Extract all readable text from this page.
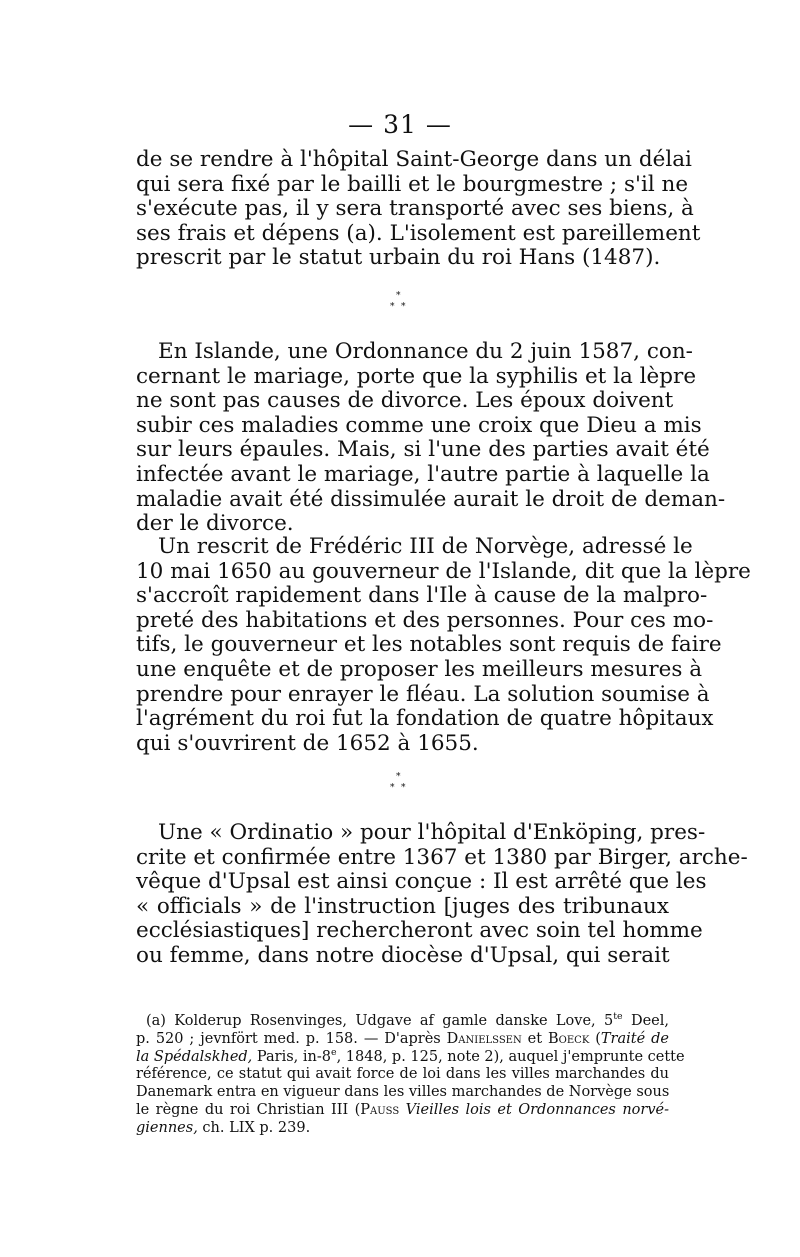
— 31 —
de se rendre à l'hôpital Saint-George dans un délai
qui sera fixé par le bailli et le bourgmestre ; s'il ne
s'exécute pas, il y sera transporté avec ses biens, à
ses frais et dépens (a). L'isolement est pareillement
prescrit par le statut urbain du roi Hans (1487).
*
* *
En Islande, une Ordonnance du 2 juin 1587, con-
cernant le mariage, porte que la syphilis et la lèpre
ne sont pas causes de divorce. Les époux doivent
subir ces maladies comme une croix que Dieu a mis
sur leurs épaules. Mais, si l'une des parties avait été
infectée avant le mariage, l'autre partie à laquelle la
maladie avait été dissimulée aurait le droit de deman-
der le divorce.
Un rescrit de Frédéric III de Norvège, adressé le
10 mai 1650 au gouverneur de l'Islande, dit que la lèpre
s'accroît rapidement dans l'Ile à cause de la malpro-
preté des habitations et des personnes. Pour ces mo-
tifs, le gouverneur et les notables sont requis de faire
une enquête et de proposer les meilleurs mesures à
prendre pour enrayer le fléau. La solution soumise à
l'agrément du roi fut la fondation de quatre hôpitaux
qui s'ouvrirent de 1652 à 1655.
*
* *
Une « Ordinatio » pour l'hôpital d'Enköping, pres-
crite et confirmée entre 1367 et 1380 par Birger, arche-
vêque d'Upsal est ainsi conçue : Il est arrêté que les
« officials » de l'instruction [juges des tribunaux
ecclésiastiques] rechercheront avec soin tel homme
ou femme, dans notre diocèse d'Upsal, qui serait
(a) Kolderup Rosenvinges, Udgave af gamle danske Love, $5^{te}$ Deel,
p. 520 ; jevnfört med. p. 158. — D'après Danielssen et Boeck (Traité de
la Spédalskhed, Paris, in-8e, 1848, p. 125, note 2), auquel j'emprunte cette
référence, ce statut qui avait force de loi dans les villes marchandes du
Danemark entra en vigueur dans les villes marchandes de Norvège sous
le règne du roi Christian III (Pauss Vieilles lois et Ordonnances norvé-
giennes, ch. LIX p. 239.
